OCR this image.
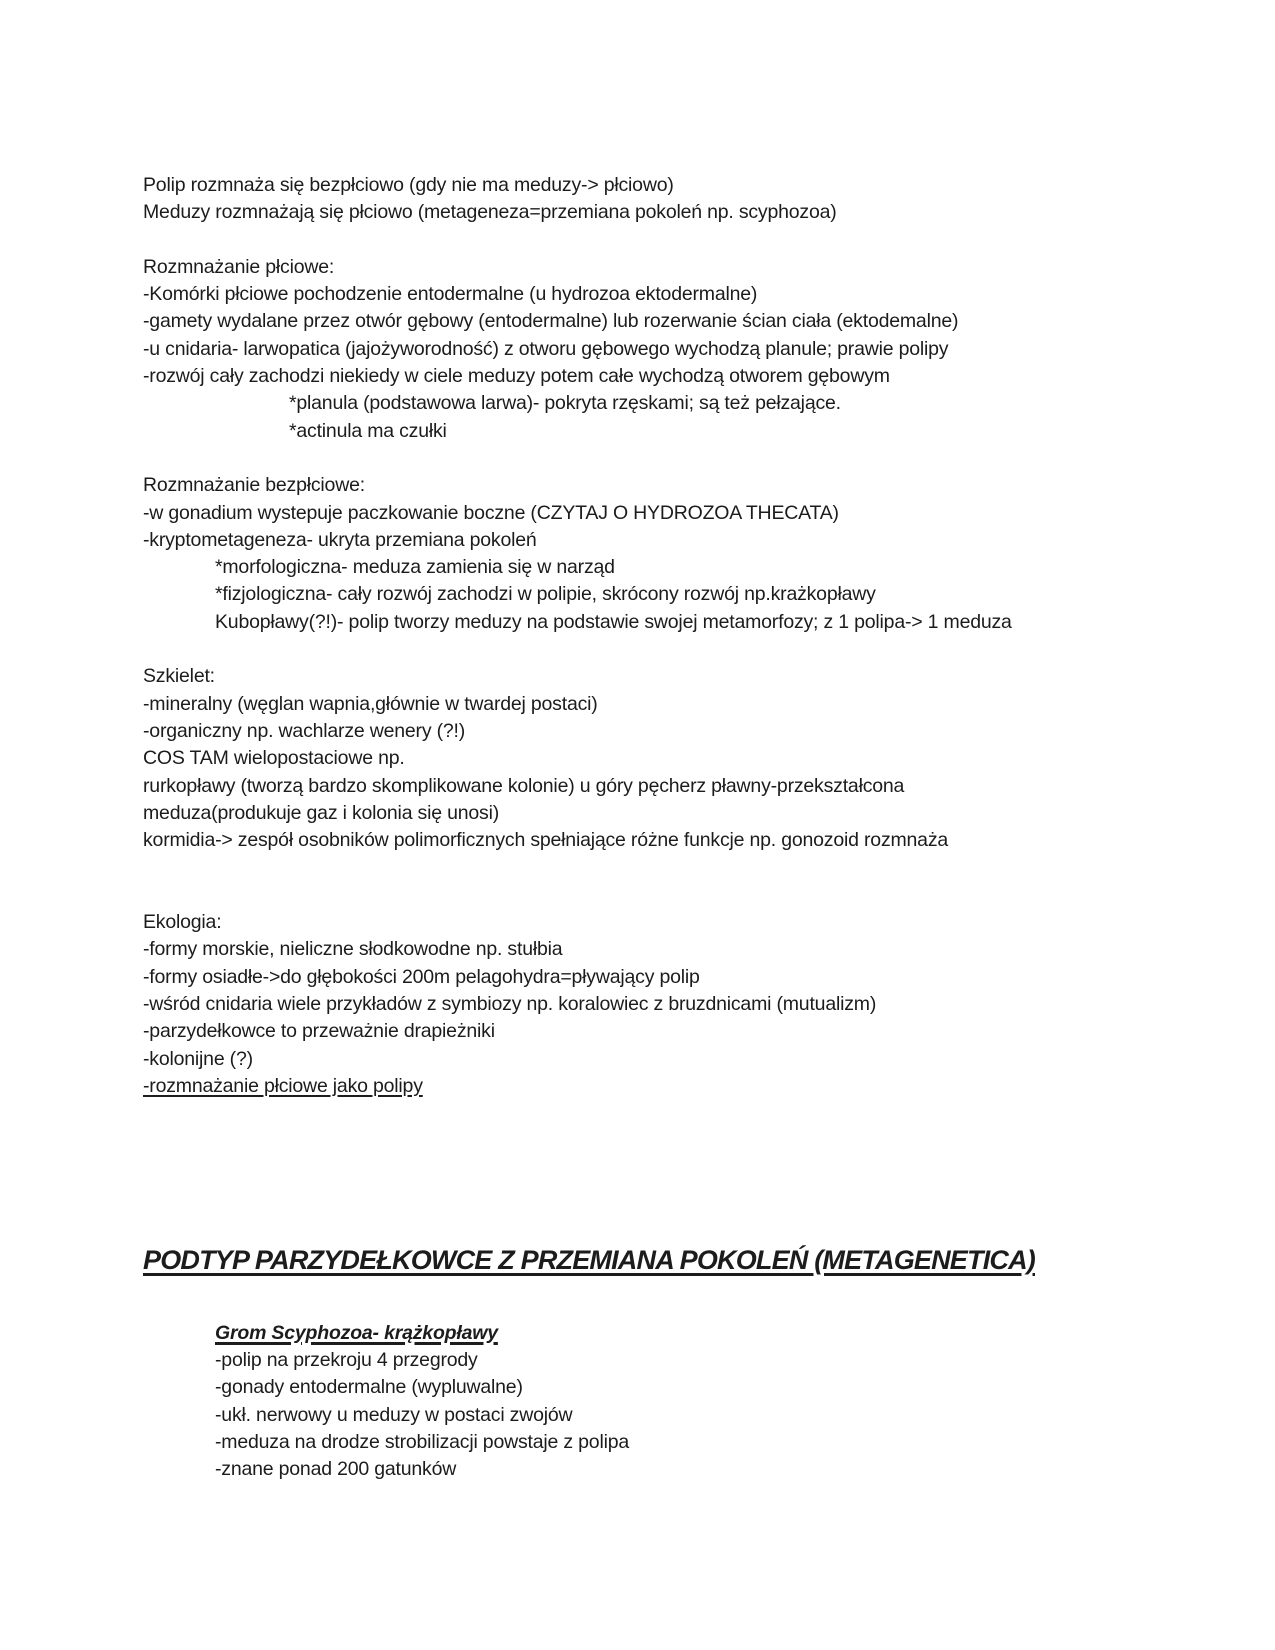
Polip rozmnaża się bezpłciowo (gdy nie ma meduzy-> płciowo)
Meduzy rozmnażają się płciowo (metageneza=przemiana pokoleń np. scyphozoa)
Rozmnażanie płciowe:
-Komórki płciowe pochodzenie entodermalne (u hydrozoa ektodermalne)
-gamety wydalane przez otwór gębowy (entodermalne) lub rozerwanie ścian ciała (ektodemalne)
-u cnidaria- larwopatica (jajożyworodność) z otworu gębowego wychodzą planule; prawie polipy
-rozwój cały zachodzi niekiedy w ciele meduzy potem całe wychodzą otworem gębowym
*planula (podstawowa larwa)- pokryta rzęskami; są też pełzające.
*actinula ma czułki
Rozmnażanie bezpłciowe:
-w gonadium wystepuje paczkowanie boczne (CZYTAJ O HYDROZOA THECATA)
-kryptometageneza- ukryta przemiana pokoleń
*morfologiczna- meduza zamienia się w narząd
*fizjologiczna- cały rozwój zachodzi w polipie, skrócony rozwój np.krażkopławy
Kubopławy(?!)- polip tworzy meduzy na podstawie swojej metamorfozy; z 1 polipa-> 1 meduza
Szkielet:
-mineralny (węglan wapnia,głównie w twardej postaci)
-organiczny np. wachlarze wenery (?!)
COS TAM wielopostaciowe np.
rurkopławy (tworzą bardzo skomplikowane kolonie) u góry pęcherz pławny-przekształcona
meduza(produkuje gaz i kolonia się unosi)
kormidia-> zespół osobników polimorficznych spełniające różne funkcje np. gonozoid rozmnaża
Ekologia:
-formy morskie, nieliczne słodkowodne np. stułbia
-formy osiadłe->do głębokości 200m pelagohydra=pływający polip
-wśród cnidaria wiele przykładów z symbiozy np. koralowiec z bruzdnicami (mutualizm)
-parzydełkowce to przeważnie drapieżniki
-kolonijne (?)
-rozmnażanie płciowe jako polipy
PODTYP PARZYDEŁKOWCE Z PRZEMIANA POKOLEŃ (METAGENETICA)
Grom Scyphozoa- krążkopławy
-polip na przekroju 4 przegrody
-gonady entodermalne (wypluwalne)
-ukł. nerwowy u meduzy w postaci zwojów
-meduza na drodze strobilizacji powstaje z polipa
-znane ponad 200 gatunków
